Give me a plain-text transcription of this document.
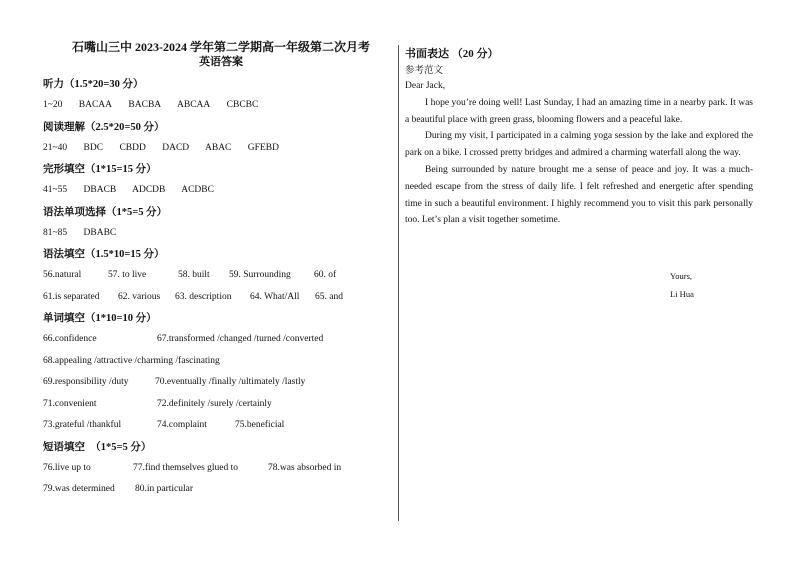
石嘴山三中 2023-2024 学年第二学期高一年级第二次月考
英语答案
听力（1.5*20=30 分）
1~20 BACAA BACBA ABCAA CBCBC
阅读理解（2.5*20=50 分）
21~40 BDC CBDD DACD ABAC GFEBD
完形填空（1*15=15 分）
41~55 DBACB ADCDB ACDBC
语法单项选择（1*5=5 分）
81~85 DBABC
语法填空（1.5*10=15 分）
56.natural	57. to live	58. built 59. Surrounding 60. of
61.is separated 62. various 63. description 64. What/All 65. and
单词填空（1*10=10 分）
66.confidence	67.transformed /changed /turned /converted
68.appealing /attractive /charming /fascinating
69.responsibility /duty	70.eventually /finally /ultimately /lastly
71.convenient	72.definitely /surely /certainly
73.grateful /thankful	74.complaint	75.beneficial
短语填空　（1*5=5 分）
76.live up to	77.find themselves glued to	78.was absorbed in
79.was determined 80.in particular
书面表达 （20 分）
参考范文

Dear Jack,

I hope you’re doing well! Last Sunday, I had an amazing time in a nearby park. It was a beautiful place with green grass, blooming flowers and a peaceful lake.

During my visit, I participated in a calming yoga session by the lake and explored the park on a bike. I crossed pretty bridges and admired a charming waterfall along the way.

Being surrounded by nature brought me a sense of peace and joy. It was a much-needed escape from the stress of daily life. I felt refreshed and energetic after spending time in such a beautiful environment. I highly recommend you to visit this park personally too. Let’s plan a visit together sometime.

Yours,
Li Hua
